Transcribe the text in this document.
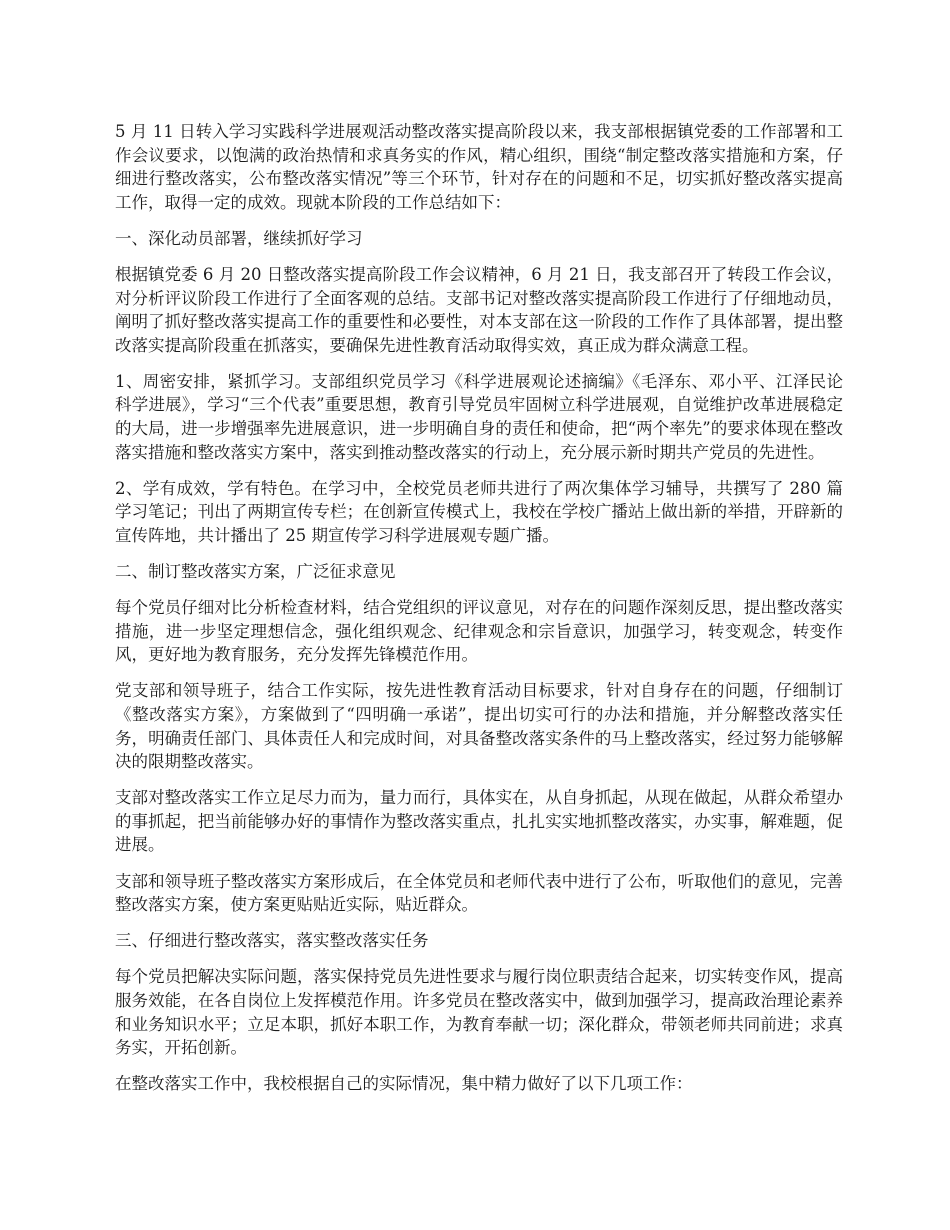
5 月 11 日转入学习实践科学进展观活动整改落实提高阶段以来，我支部根据镇党委的工作部署和工作会议要求，以饱满的政治热情和求真务实的作风，精心组织，围绕“制定整改落实措施和方案，仔细进行整改落实，公布整改落实情况”等三个环节，针对存在的问题和不足，切实抓好整改落实提高工作，取得一定的成效。现就本阶段的工作总结如下：

一、深化动员部署，继续抓好学习

根据镇党委 6 月 20 日整改落实提高阶段工作会议精神，6 月 21 日，我支部召开了转段工作会议，对分析评议阶段工作进行了全面客观的总结。支部书记对整改落实提高阶段工作进行了仔细地动员，阐明了抓好整改落实提高工作的重要性和必要性，对本支部在这一阶段的工作作了具体部署，提出整改落实提高阶段重在抓落实，要确保先进性教育活动取得实效，真正成为群众满意工程。

1、周密安排，紧抓学习。支部组织党员学习《科学进展观论述摘编》《毛泽东、邓小平、江泽民论科学进展》，学习“三个代表”重要思想，教育引导党员牢固树立科学进展观，自觉维护改革进展稳定的大局，进一步增强率先进展意识，进一步明确自身的责任和使命，把“两个率先”的要求体现在整改落实措施和整改落实方案中，落实到推动整改落实的行动上，充分展示新时期共产党员的先进性。

2、学有成效，学有特色。在学习中，全校党员老师共进行了两次集体学习辅导，共撰写了 280 篇学习笔记；刊出了两期宣传专栏；在创新宣传模式上，我校在学校广播站上做出新的举措，开辟新的宣传阵地，共计播出了 25 期宣传学习科学进展观专题广播。

二、制订整改落实方案，广泛征求意见

每个党员仔细对比分析检查材料，结合党组织的评议意见，对存在的问题作深刻反思，提出整改落实措施，进一步坚定理想信念，强化组织观念、纪律观念和宗旨意识，加强学习，转变观念，转变作风，更好地为教育服务，充分发挥先锋模范作用。

党支部和领导班子，结合工作实际，按先进性教育活动目标要求，针对自身存在的问题，仔细制订《整改落实方案》，方案做到了“四明确一承诺”，提出切实可行的办法和措施，并分解整改落实任务，明确责任部门、具体责任人和完成时间，对具备整改落实条件的马上整改落实，经过努力能够解决的限期整改落实。

支部对整改落实工作立足尽力而为，量力而行，具体实在，从自身抓起，从现在做起，从群众希望办的事抓起，把当前能够办好的事情作为整改落实重点，扎扎实实地抓整改落实，办实事，解难题，促进展。

支部和领导班子整改落实方案形成后，在全体党员和老师代表中进行了公布，听取他们的意见，完善整改落实方案，使方案更贴贴近实际，贴近群众。

三、仔细进行整改落实，落实整改落实任务

每个党员把解决实际问题，落实保持党员先进性要求与履行岗位职责结合起来，切实转变作风，提高服务效能，在各自岗位上发挥模范作用。许多党员在整改落实中，做到加强学习，提高政治理论素养和业务知识水平；立足本职，抓好本职工作，为教育奉献一切；深化群众，带领老师共同前进；求真务实，开拓创新。

在整改落实工作中，我校根据自己的实际情况，集中精力做好了以下几项工作：
